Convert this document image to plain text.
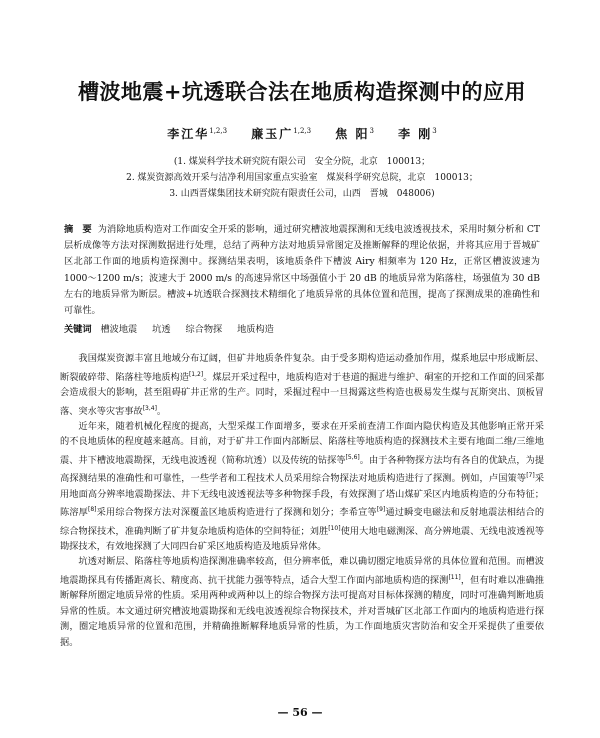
槽波地震+坑透联合法在地质构造探测中的应用
李江华$^{1,2,3}$ 廉玉广$^{1,2,3}$ 焦 阳$^3$ 李 刚$^3$
(1. 煤炭科学技术研究院有限公司　安全分院，北京　100013；
2. 煤炭资源高效开采与洁净利用国家重点实验室　煤炭科学研究总院，北京　100013；
3. 山西晋煤集团技术研究院有限责任公司，山西　晋城　048006)
摘　要 为消除地质构造对工作面安全开采的影响，通过研究槽波地震探测和无线电波透视技术，采用时频分析和 CT 层析成像等方法对探测数据进行处理，总结了两种方法对地质异常图定及推断解释的理论依据，并将其应用于晋城矿区北部工作面的地质构造探测中。探测结果表明，该地质条件下槽波 Airy 相频率为 120 Hz，正常区槽波波速为 1000～1200 m/s；波速大于 2000 m/s 的高速异常区中场强值小于 20 dB 的地质异常为陷落柱，场强值为 30 dB 左右的地质异常为断层。槽波+坑透联合探测技术精细化了地质异常的具体位置和范围，提高了探测成果的准确性和可靠性。
关键词 槽波地震 坑透 综合物探 地质构造

我国煤炭资源丰富且地域分布辽阔，但矿井地质条件复杂。由于受多期构造运动叠加作用，煤系地层中形成断层、断裂破碎带、陷落柱等地质构造[1,2]。煤层开采过程中，地质构造对于巷道的掘进与维护、硐室的开挖和工作面的回采都会造成很大的影响，甚至阻碍矿井正常的生产。同时，采掘过程中一旦揭露这些构造也极易发生煤与瓦斯突出、顶板冒落、突水等灾害事故[3,4]。

近年来，随着机械化程度的提高，大型采煤工作面增多，要求在开采前查清工作面内隐伏构造及其他影响正常开采的不良地质体的程度越来越高。目前，对于矿井工作面内部断层、陷落柱等地质构造的探测技术主要有地面二维/三维地震、井下槽波地震勘探，无线电波透视（简称坑透）以及传统的钻探等[5,6]。由于各种物探方法均有各自的优缺点，为提高探测结果的准确性和可靠性，一些学者和工程技术人员采用综合物探法对地质构造进行了探测。例如，卢国策等[7]采用地面高分辨率地震勘探法、井下无线电波透视法等多种物探手段，有效探测了塔山煤矿采区内地质构造的分布特征；陈溶厚[8]采用综合物探方法对深覆盖区地质构造进行了探测和划分；李希宣等[9]通过瞬变电磁法和反射地震法相结合的综合物探技术，准确判断了矿井复杂地质构造体的空间特征；刘胜[10]使用大地电磁测深、高分辨地震、无线电波透视等勘探技术，有效地探测了大同四台矿采区地质构造及地质异常体。

坑透对断层、陷落柱等地质构造探测准确率较高，但分辨率低，难以确切圈定地质异常的具体位置和范围。而槽波地震勘探具有传播距离长、精度高、抗干扰能力强等特点，适合大型工作面内部地质构造的探测[11]，但有时难以准确推断解释所圈定地质异常的性质。采用两种或两种以上的综合物探方法可提高对目标体探测的精度，同时可准确判断地质异常的性质。本文通过研究槽波地震勘探和无线电波透视综合物探技术，并对晋城矿区北部工作面内的地质构造进行探测，圈定地质异常的位置和范围，并精确推断解释地质异常的性质，为工作面地质灾害防治和安全开采提供了重要依据。

— 56 —
